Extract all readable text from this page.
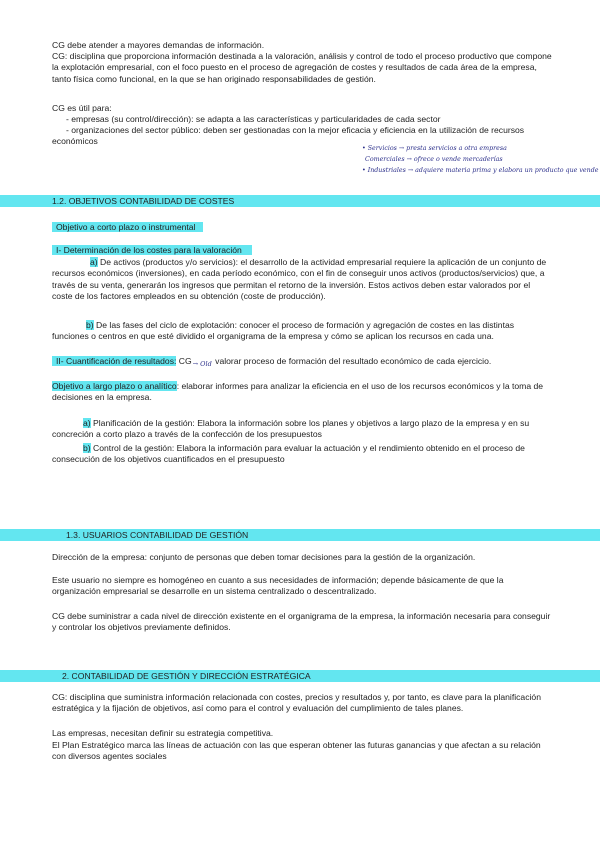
CG debe atender a mayores demandas de información.

CG: disciplina que proporciona información destinada a la valoración, análisis y control de todo el proceso productivo que compone la explotación empresarial, con el foco puesto en el proceso de agregación de costes y resultados de cada área de la empresa, tanto física como funcional, en la que se han originado responsabilidades de gestión.

CG es útil para:

- empresas (su control/dirección): se adapta a las características y particularidades de cada sector

- organizaciones del sector público: deben ser gestionadas con la mejor eficacia y eficiencia en la utilización de recursos económicos

• Servicios → presta servicios a otra empresa
Comerciales → ofrece o vende mercaderías
• Industriales → adquiere materia prima y elabora un producto que vende
1.2. OBJETIVOS CONTABILIDAD DE COSTES
Objetivo a corto plazo o instrumental
I- Determinación de los costes para la valoración

a) De activos (productos y/o servicios): el desarrollo de la actividad empresarial requiere la aplicación de un conjunto de recursos económicos (inversiones), en cada período económico, con el fin de conseguir unos activos (productos/servicios) que, a través de su venta, generarán los ingresos que permitan el retorno de la inversión. Estos activos deben estar valorados por el coste de los factores empleados en su obtención (coste de producción).

b) De las fases del ciclo de explotación: conocer el proceso de formación y agregación de costes en las distintas funciones o centros en que esté dividido el organigrama de la empresa y cómo se aplican los recursos en cada una.

II- Cuantificación de resultados: $CG_{\to Old}$ valorar proceso de formación del resultado económico de cada ejercicio.

Objetivo a largo plazo o analítico: elaborar informes para analizar la eficiencia en el uso de los recursos económicos y la toma de decisiones en la empresa.

a) Planificación de la gestión: Elabora la información sobre los planes y objetivos a largo plazo de la empresa y en su concreción a corto plazo a través de la confección de los presupuestos

b) Control de la gestión: Elabora la información para evaluar la actuación y el rendimiento obtenido en el proceso de consecución de los objetivos cuantificados en el presupuesto

1.3. USUARIOS CONTABILIDAD DE GESTIÓN

Dirección de la empresa: conjunto de personas que deben tomar decisiones para la gestión de la organización.

Este usuario no siempre es homogéneo en cuanto a sus necesidades de información; depende básicamente de que la organización empresarial se desarrolle en un sistema centralizado o descentralizado.

CG debe suministrar a cada nivel de dirección existente en el organigrama de la empresa, la información necesaria para conseguir y controlar los objetivos previamente definidos.

2. CONTABILIDAD DE GESTIÓN Y DIRECCIÓN ESTRATÉGICA

CG: disciplina que suministra información relacionada con costes, precios y resultados y, por tanto, es clave para la planificación estratégica y la fijación de objetivos, así como para el control y evaluación del cumplimiento de tales planes.

Las empresas, necesitan definir su estrategia competitiva.

El Plan Estratégico marca las líneas de actuación con las que esperan obtener las futuras ganancias y que afectan a su relación con diversos agentes sociales
